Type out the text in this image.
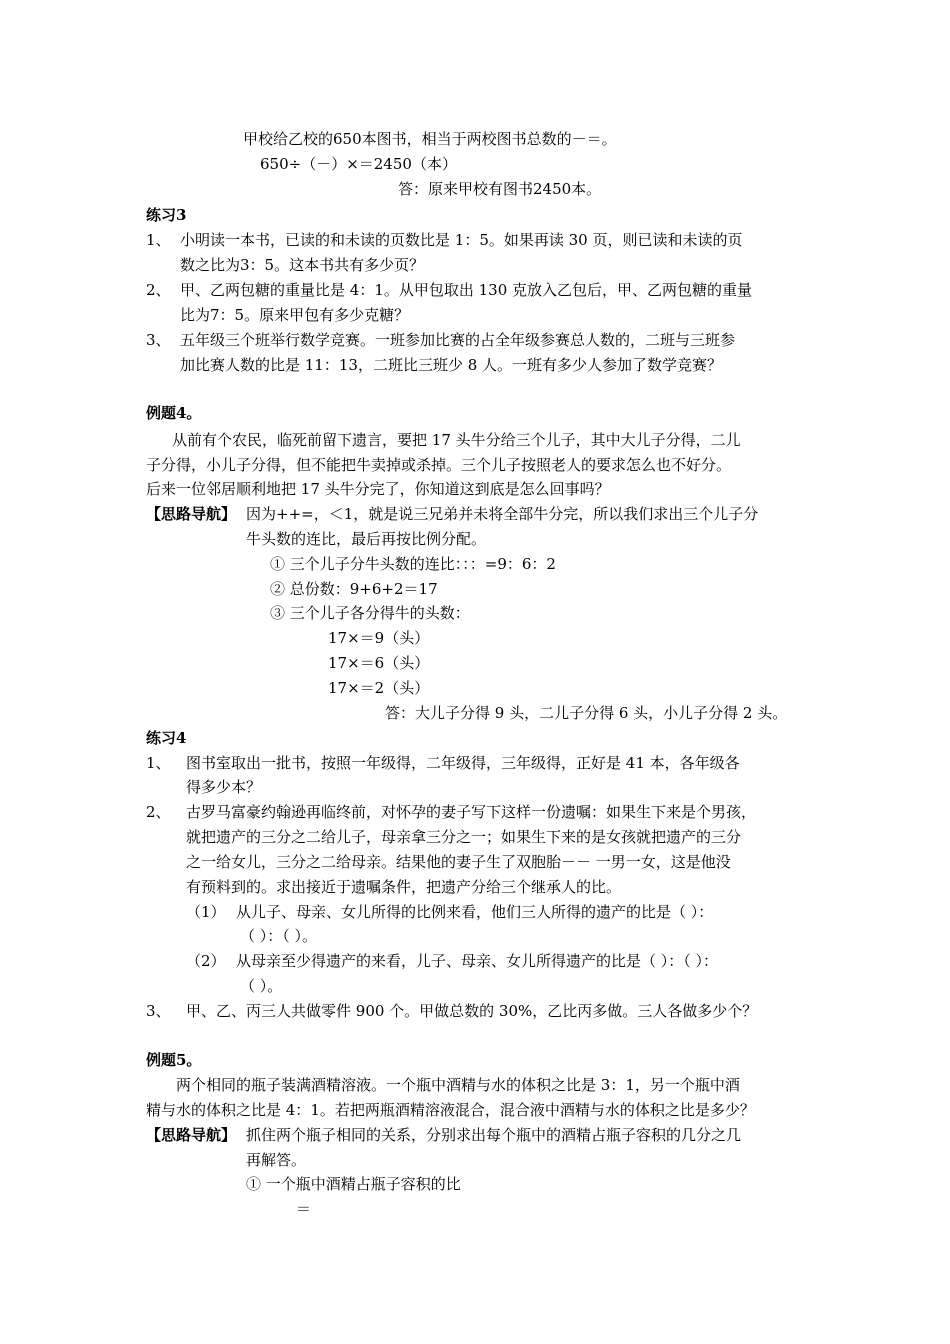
甲校给乙校的650本图书，相当于两校图书总数的－＝。
650÷（－）×＝2450（本）
答：原来甲校有图书2450本。
练习3
1、 小明读一本书，已读的和未读的页数比是 1：5。如果再读 30 页，则已读和未读的页
数之比为3：5。这本书共有多少页？
2、 甲、乙两包糖的重量比是 4：1。从甲包取出 130 克放入乙包后，甲、乙两包糖的重量
比为7：5。原来甲包有多少克糖？
3、 五年级三个班举行数学竞赛。一班参加比赛的占全年级参赛总人数的，二班与三班参
加比赛人数的比是 11：13，二班比三班少 8 人。一班有多少人参加了数学竞赛？
例题4。
从前有个农民，临死前留下遗言，要把 17 头牛分给三个儿子，其中大儿子分得，二儿
子分得，小儿子分得，但不能把牛卖掉或杀掉。三个儿子按照老人的要求怎么也不好分。
后来一位邻居顺利地把 17 头牛分完了，你知道这到底是怎么回事吗？
【思路导航】 因为++=，＜1，就是说三兄弟并未将全部牛分完，所以我们求出三个儿子分
牛头数的连比，最后再按比例分配。
① 三个儿子分牛头数的连比：：：=9：6：2
② 总份数：9+6+2＝17
③ 三个儿子各分得牛的头数：
17×＝9（头）
17×＝6（头）
17×＝2（头）
答：大儿子分得 9 头，二儿子分得 6 头，小儿子分得 2 头。
练习4
1、 图书室取出一批书，按照一年级得，二年级得，三年级得，正好是 41 本，各年级各
得多少本？
2、 古罗马富豪约翰逊再临终前，对怀孕的妻子写下这样一份遗嘱：如果生下来是个男孩，
就把遗产的三分之二给儿子，母亲拿三分之一；如果生下来的是女孩就把遗产的三分
之一给女儿，三分之二给母亲。结果他的妻子生了双胞胎－－ 一男一女，这是他没
有预料到的。求出接近于遗嘱条件，把遗产分给三个继承人的比。
（1） 从儿子、母亲、女儿所得的比例来看，他们三人所得的遗产的比是（ ）：
（ ）：（ ）。
（2） 从母亲至少得遗产的来看，儿子、母亲、女儿所得遗产的比是（ ）：（ ）：
（ ）。
3、 甲、乙、丙三人共做零件 900 个。甲做总数的 30%，乙比丙多做。三人各做多少个？
例题5。
两个相同的瓶子装满酒精溶液。一个瓶中酒精与水的体积之比是 3：1，另一个瓶中酒
精与水的体积之比是 4：1。若把两瓶酒精溶液混合，混合液中酒精与水的体积之比是多少？
【思路导航】 抓住两个瓶子相同的关系，分别求出每个瓶中的酒精占瓶子容积的几分之几
再解答。
① 一个瓶中酒精占瓶子容积的比
＝
